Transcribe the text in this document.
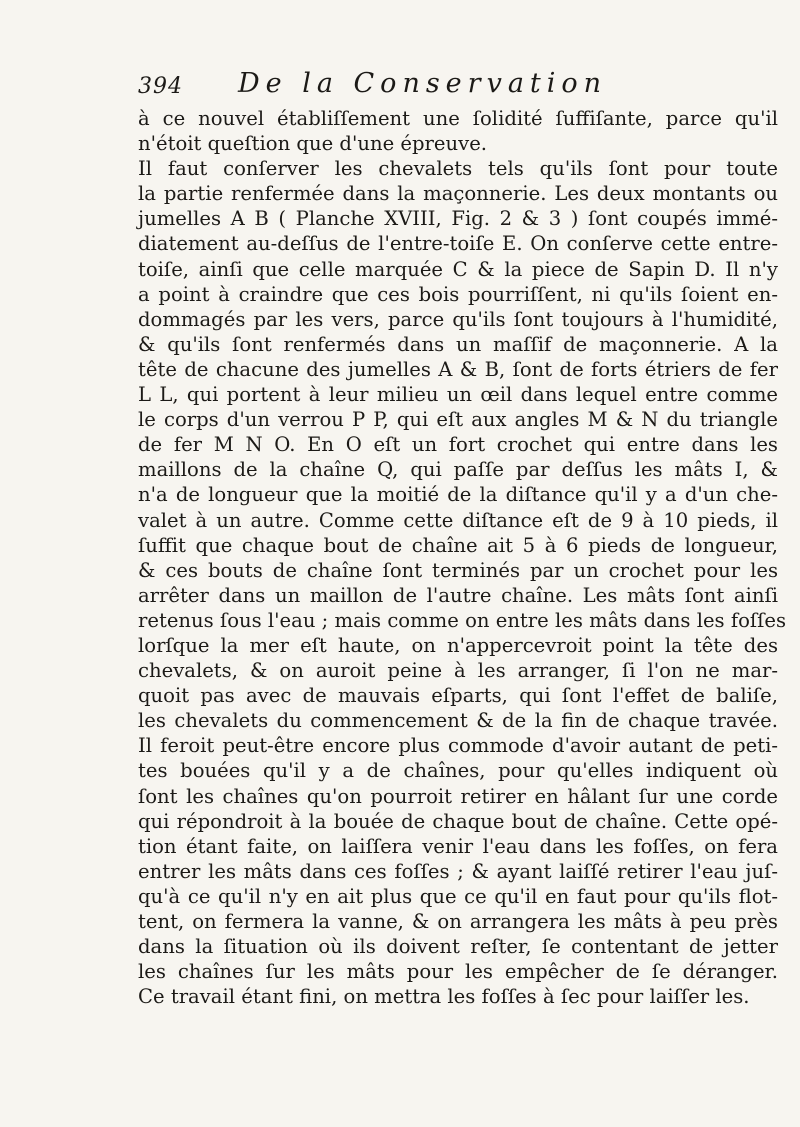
394 De la Conservation
à ce nouvel établiſſement une ſolidité ſuffiſante, parce qu'il
n'étoit queſtion que d'une épreuve.
Il faut conſerver les chevalets tels qu'ils ſont pour toute
la partie renfermée dans la maçonnerie. Les deux montants ou
jumelles A B ( Planche XVIII, Fig. 2 & 3 ) ſont coupés immé-
diatement au-deſſus de l'entre-toiſe E. On conſerve cette entre-
toiſe, ainſi que celle marquée C & la piece de Sapin D. Il n'y
a point à craindre que ces bois pourriſſent, ni qu'ils ſoient en-
dommagés par les vers, parce qu'ils ſont toujours à l'humidité,
& qu'ils ſont renfermés dans un maſſif de maçonnerie. A la
tête de chacune des jumelles A & B, ſont de forts étriers de fer
L L, qui portent à leur milieu un œil dans lequel entre comme
le corps d'un verrou P P, qui eſt aux angles M & N du triangle
de fer M N O. En O eſt un fort crochet qui entre dans les
maillons de la chaîne Q, qui paſſe par deſſus les mâts I, &
n'a de longueur que la moitié de la diſtance qu'il y a d'un che-
valet à un autre. Comme cette diſtance eſt de 9 à 10 pieds, il
ſuffit que chaque bout de chaîne ait 5 à 6 pieds de longueur,
& ces bouts de chaîne ſont terminés par un crochet pour les
arrêter dans un maillon de l'autre chaîne. Les mâts ſont ainſi
retenus ſous l'eau ; mais comme on entre les mâts dans les foſſes
lorſque la mer eſt haute, on n'appercevroit point la tête des
chevalets, & on auroit peine à les arranger, ſi l'on ne mar-
quoit pas avec de mauvais eſparts, qui ſont l'effet de baliſe,
les chevalets du commencement & de la fin de chaque travée.
Il feroit peut-être encore plus commode d'avoir autant de peti-
tes bouées qu'il y a de chaînes, pour qu'elles indiquent où
ſont les chaînes qu'on pourroit retirer en hâlant ſur une corde
qui répondroit à la bouée de chaque bout de chaîne. Cette opé-
tion étant faite, on laiſſera venir l'eau dans les foſſes, on fera
entrer les mâts dans ces foſſes ; & ayant laiſſé retirer l'eau juſ-
qu'à ce qu'il n'y en ait plus que ce qu'il en faut pour qu'ils flot-
tent, on fermera la vanne, & on arrangera les mâts à peu près
dans la ſituation où ils doivent reſter, ſe contentant de jetter
les chaînes ſur les mâts pour les empêcher de ſe déranger.
Ce travail étant fini, on mettra les foſſes à ſec pour laiſſer les.
